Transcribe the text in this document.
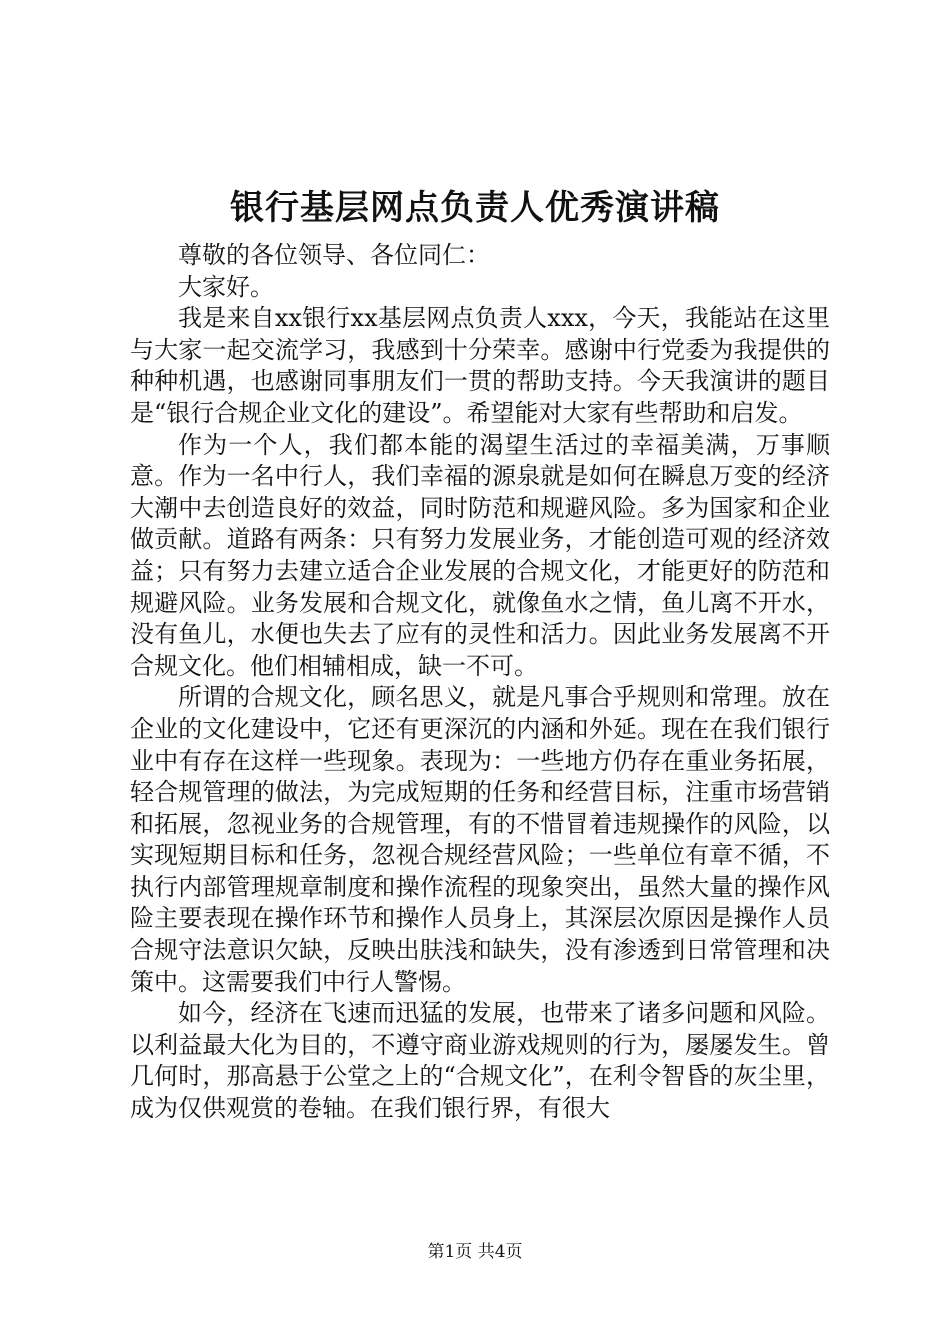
银行基层网点负责人优秀演讲稿

尊敬的各位领导、各位同仁：

大家好。

我是来自xx银行xx基层网点负责人xxx，今天，我能站在这里与大家一起交流学习，我感到十分荣幸。感谢中行党委为我提供的种种机遇，也感谢同事朋友们一贯的帮助支持。今天我演讲的题目是“银行合规企业文化的建设”。希望能对大家有些帮助和启发。

作为一个人，我们都本能的渴望生活过的幸福美满，万事顺意。作为一名中行人，我们幸福的源泉就是如何在瞬息万变的经济大潮中去创造良好的效益，同时防范和规避风险。多为国家和企业做贡献。道路有两条：只有努力发展业务，才能创造可观的经济效益；只有努力去建立适合企业发展的合规文化，才能更好的防范和规避风险。业务发展和合规文化，就像鱼水之情，鱼儿离不开水，没有鱼儿，水便也失去了应有的灵性和活力。因此业务发展离不开合规文化。他们相辅相成，缺一不可。

所谓的合规文化，顾名思义，就是凡事合乎规则和常理。放在企业的文化建设中，它还有更深沉的内涵和外延。现在在我们银行业中有存在这样一些现象。表现为：一些地方仍存在重业务拓展，轻合规管理的做法，为完成短期的任务和经营目标，注重市场营销和拓展，忽视业务的合规管理，有的不惜冒着违规操作的风险，以实现短期目标和任务，忽视合规经营风险；一些单位有章不循，不执行内部管理规章制度和操作流程的现象突出，虽然大量的操作风险主要表现在操作环节和操作人员身上，其深层次原因是操作人员合规守法意识欠缺，反映出肤浅和缺失，没有渗透到日常管理和决策中。这需要我们中行人警惕。

如今，经济在飞速而迅猛的发展，也带来了诸多问题和风险。以利益最大化为目的，不遵守商业游戏规则的行为，屡屡发生。曾几何时，那高悬于公堂之上的“合规文化”，在利令智昏的灰尘里，成为仅供观赏的卷轴。在我们银行界，有很大

第1页 共4页
